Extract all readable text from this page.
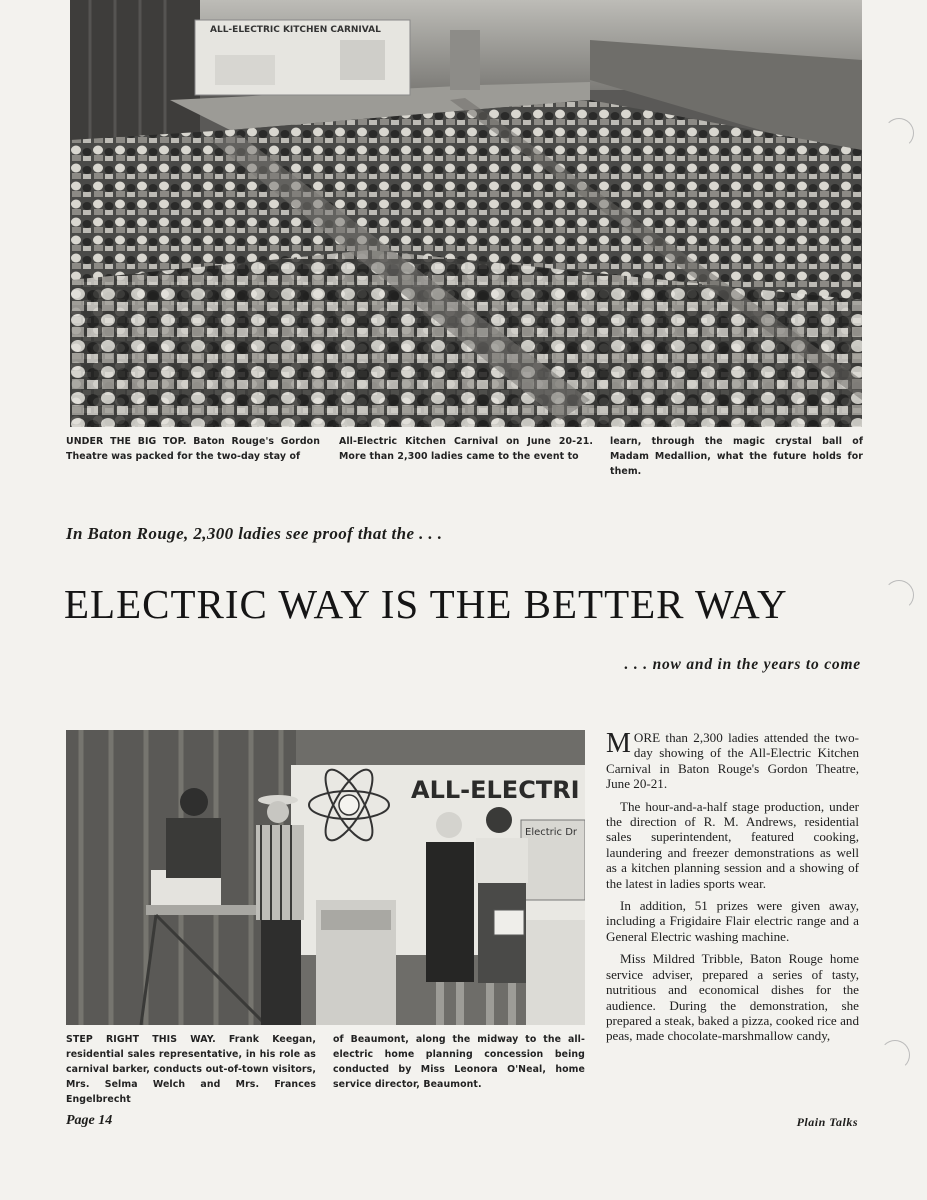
ALL-ELECTRIC KITCHEN CARNIVAL
UNDER THE BIG TOP. Baton Rouge's Gordon Theatre was packed for the two-day stay of
All-Electric Kitchen Carnival on June 20-21. More than 2,300 ladies came to the event to
learn, through the magic crystal ball of Madam Medallion, what the future holds for them.
In Baton Rouge, 2,300 ladies see proof that the . . .
ELECTRIC WAY IS THE BETTER WAY
. . . now and in the years to come
ALL-ELECTRI
Electric Dr
STEP RIGHT THIS WAY. Frank Keegan, residential sales representative, in his role as carnival barker, conducts out-of-town visitors, Mrs. Selma Welch and Mrs. Frances Engelbrecht
of Beaumont, along the midway to the all-electric home planning concession being conducted by Miss Leonora O'Neal, home service director, Beaumont.

MORE than 2,300 ladies attended the two-day showing of the All-Electric Kitchen Carnival in Baton Rouge's Gordon Theatre, June 20-21.

The hour-and-a-half stage production, under the direction of R. M. Andrews, residential sales superintendent, featured cooking, laundering and freezer demonstrations as well as a kitchen planning session and a showing of the latest in ladies sports wear.

In addition, 51 prizes were given away, including a Frigidaire Flair electric range and a General Electric washing machine.

Miss Mildred Tribble, Baton Rouge home service adviser, prepared a series of tasty, nutritious and economical dishes for the audience. During the demonstration, she prepared a steak, baked a pizza, cooked rice and peas, made chocolate-marshmallow candy,

Page 14	Plain Talks
